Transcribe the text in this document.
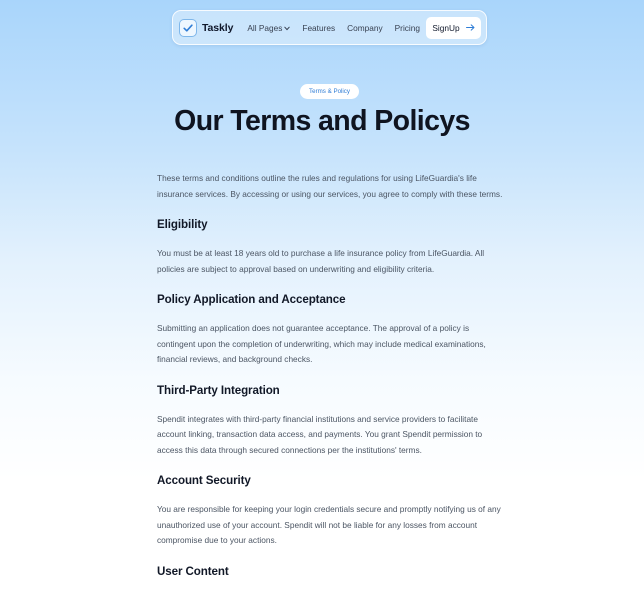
Taskly All Pages Features Company Pricing SignUp
Terms & Policy
Our Terms and Policys

These terms and conditions outline the rules and regulations for using LifeGuardia's life insurance services. By accessing or using our services, you agree to comply with these terms.

Eligibility

You must be at least 18 years old to purchase a life insurance policy from LifeGuardia. All policies are subject to approval based on underwriting and eligibility criteria.

Policy Application and Acceptance

Submitting an application does not guarantee acceptance. The approval of a policy is contingent upon the completion of underwriting, which may include medical examinations, financial reviews, and background checks.

Third-Party Integration

Spendit integrates with third-party financial institutions and service providers to facilitate account linking, transaction data access, and payments. You grant Spendit permission to access this data through secured connections per the institutions' terms.

Account Security

You are responsible for keeping your login credentials secure and promptly notifying us of any unauthorized use of your account. Spendit will not be liable for any losses from account compromise due to your actions.

User Content
